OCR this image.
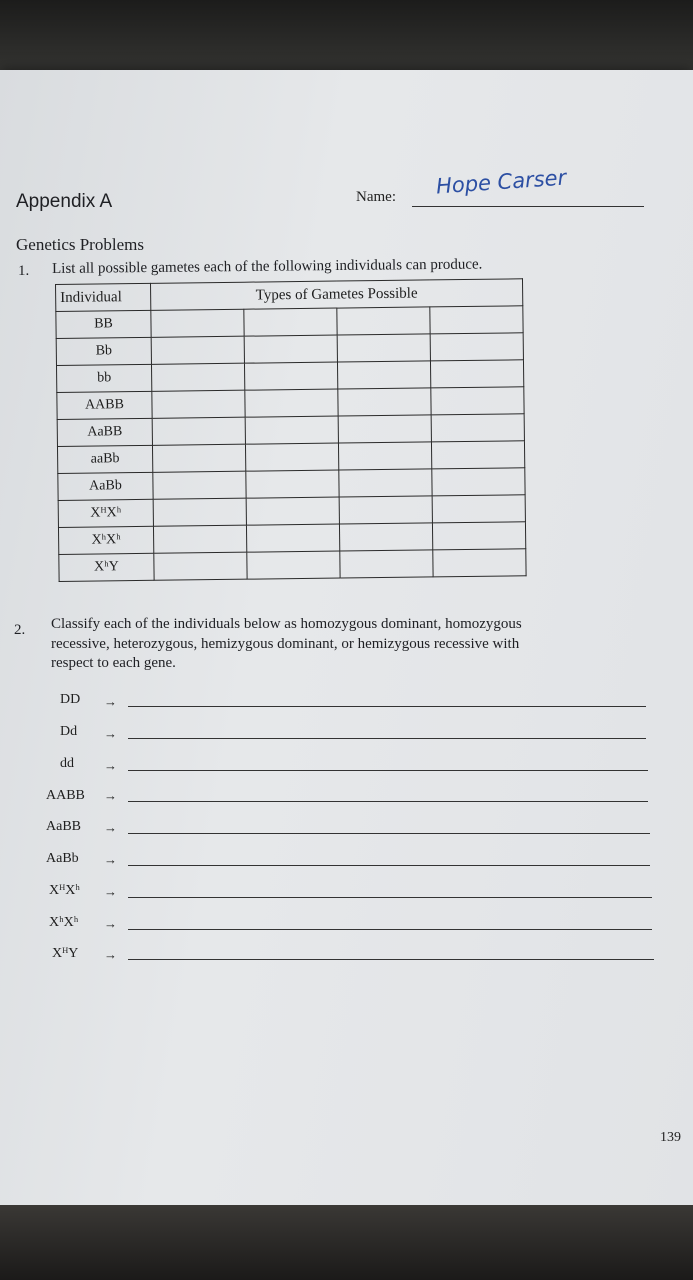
Appendix A	Name: Hope Carser
Genetics Problems
1. List all possible gametes each of the following individuals can produce.
Individual	Types of Gametes Possible			
BB				
Bb				
bb				
AABB				
AaBB				
aaBb				
AaBb				
XᴴXʰ				
XʰXʰ				
XʰY				
2. Classify each of the individuals below as homozygous dominant, homozygous
recessive, heterozygous, hemizygous dominant, or hemizygous recessive with
respect to each gene.
DD →
Dd →
dd →
AABB →
AaBB →
AaBb →
XᴴXʰ →
XʰXʰ →
XᴴY →
139
